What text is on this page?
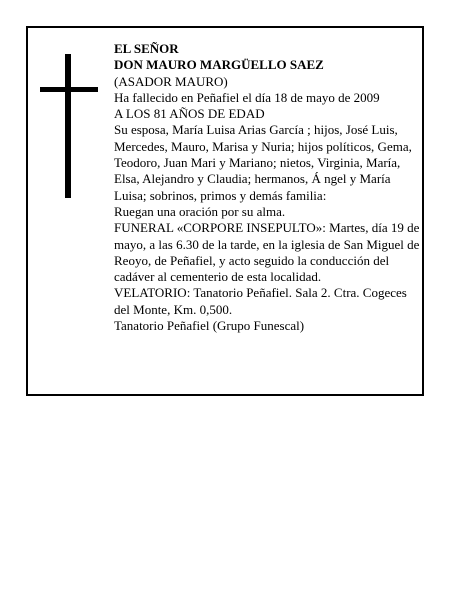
EL SEÑOR
DON MAURO MARGÜELLO SAEZ
(ASADOR MAURO)
Ha fallecido en Peñafiel el día 18 de mayo de 2009
A LOS 81 AÑOS DE EDAD
Su esposa, María Luisa Arias García ; hijos, José Luis, Mercedes, Mauro, Marisa y Nuria; hijos políticos, Gema, Teodoro, Juan Mari y Mariano; nietos, Virginia, María, Elsa, Alejandro y Claudia; hermanos, Á ngel y María Luisa; sobrinos, primos y demás familia:
Ruegan una oración por su alma.
FUNERAL «CORPORE INSEPULTO»: Martes, día 19 de mayo, a las 6.30 de la tarde, en la iglesia de San Miguel de Reoyo, de Peñafiel, y acto seguido la conducción del cadáver al cementerio de esta localidad.
VELATORIO: Tanatorio Peñafiel. Sala 2. Ctra. Cogeces del Monte, Km. 0,500.
Tanatorio Peñafiel (Grupo Funescal)
